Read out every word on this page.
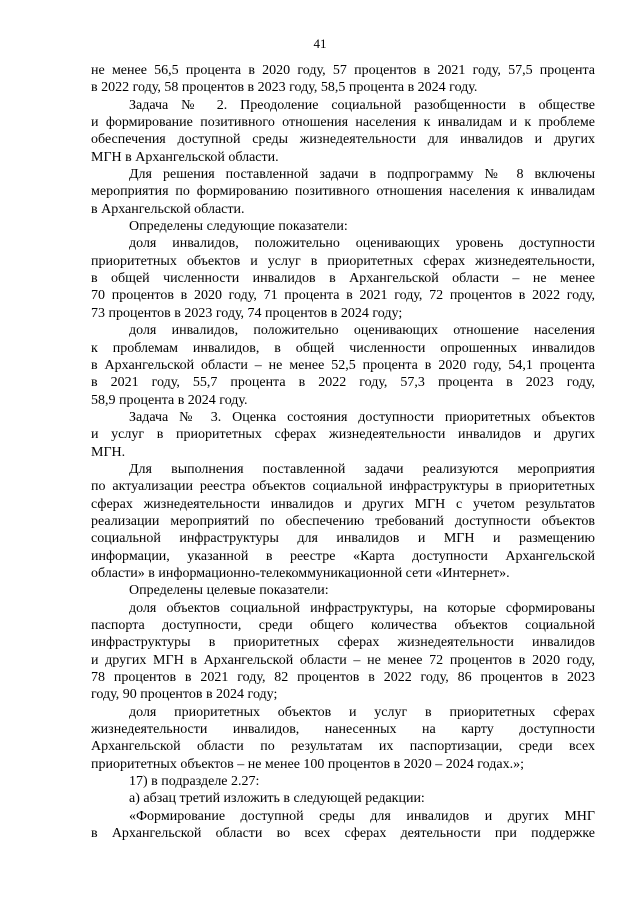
41
не менее 56,5 процента в 2020 году, 57 процентов в 2021 году, 57,5 процента
в 2022 году, 58 процентов в 2023 году, 58,5 процента в 2024 году.
Задача № 2. Преодоление социальной разобщенности в обществе
и формирование позитивного отношения населения к инвалидам и к проблеме
обеспечения доступной среды жизнедеятельности для инвалидов и других
МГН в Архангельской области.
Для решения поставленной задачи в подпрограмму № 8 включены
мероприятия по формированию позитивного отношения населения к инвалидам
в Архангельской области.
Определены следующие показатели:
доля инвалидов, положительно оценивающих уровень доступности
приоритетных объектов и услуг в приоритетных сферах жизнедеятельности,
в общей численности инвалидов в Архангельской области – не менее
70 процентов в 2020 году, 71 процента в 2021 году, 72 процентов в 2022 году,
73 процентов в 2023 году, 74 процентов в 2024 году;
доля инвалидов, положительно оценивающих отношение населения
к проблемам инвалидов, в общей численности опрошенных инвалидов
в Архангельской области – не менее 52,5 процента в 2020 году, 54,1 процента
в 2021 году, 55,7 процента в 2022 году, 57,3 процента в 2023 году,
58,9 процента в 2024 году.
Задача № 3. Оценка состояния доступности приоритетных объектов
и услуг в приоритетных сферах жизнедеятельности инвалидов и других
МГН.
Для выполнения поставленной задачи реализуются мероприятия
по актуализации реестра объектов социальной инфраструктуры в приоритетных
сферах жизнедеятельности инвалидов и других МГН с учетом результатов
реализации мероприятий по обеспечению требований доступности объектов
социальной инфраструктуры для инвалидов и МГН и размещению
информации, указанной в реестре «Карта доступности Архангельской
области» в информационно-телекоммуникационной сети «Интернет».
Определены целевые показатели:
доля объектов социальной инфраструктуры, на которые сформированы
паспорта доступности, среди общего количества объектов социальной
инфраструктуры в приоритетных сферах жизнедеятельности инвалидов
и других МГН в Архангельской области – не менее 72 процентов в 2020 году,
78 процентов в 2021 году, 82 процентов в 2022 году, 86 процентов в 2023
году, 90 процентов в 2024 году;
доля приоритетных объектов и услуг в приоритетных сферах
жизнедеятельности инвалидов, нанесенных на карту доступности
Архангельской области по результатам их паспортизации, среди всех
приоритетных объектов – не менее 100 процентов в 2020 – 2024 годах.»;
17) в подразделе 2.27:
а) абзац третий изложить в следующей редакции:
«Формирование доступной среды для инвалидов и других МНГ
в Архангельской области во всех сферах деятельности при поддержке
